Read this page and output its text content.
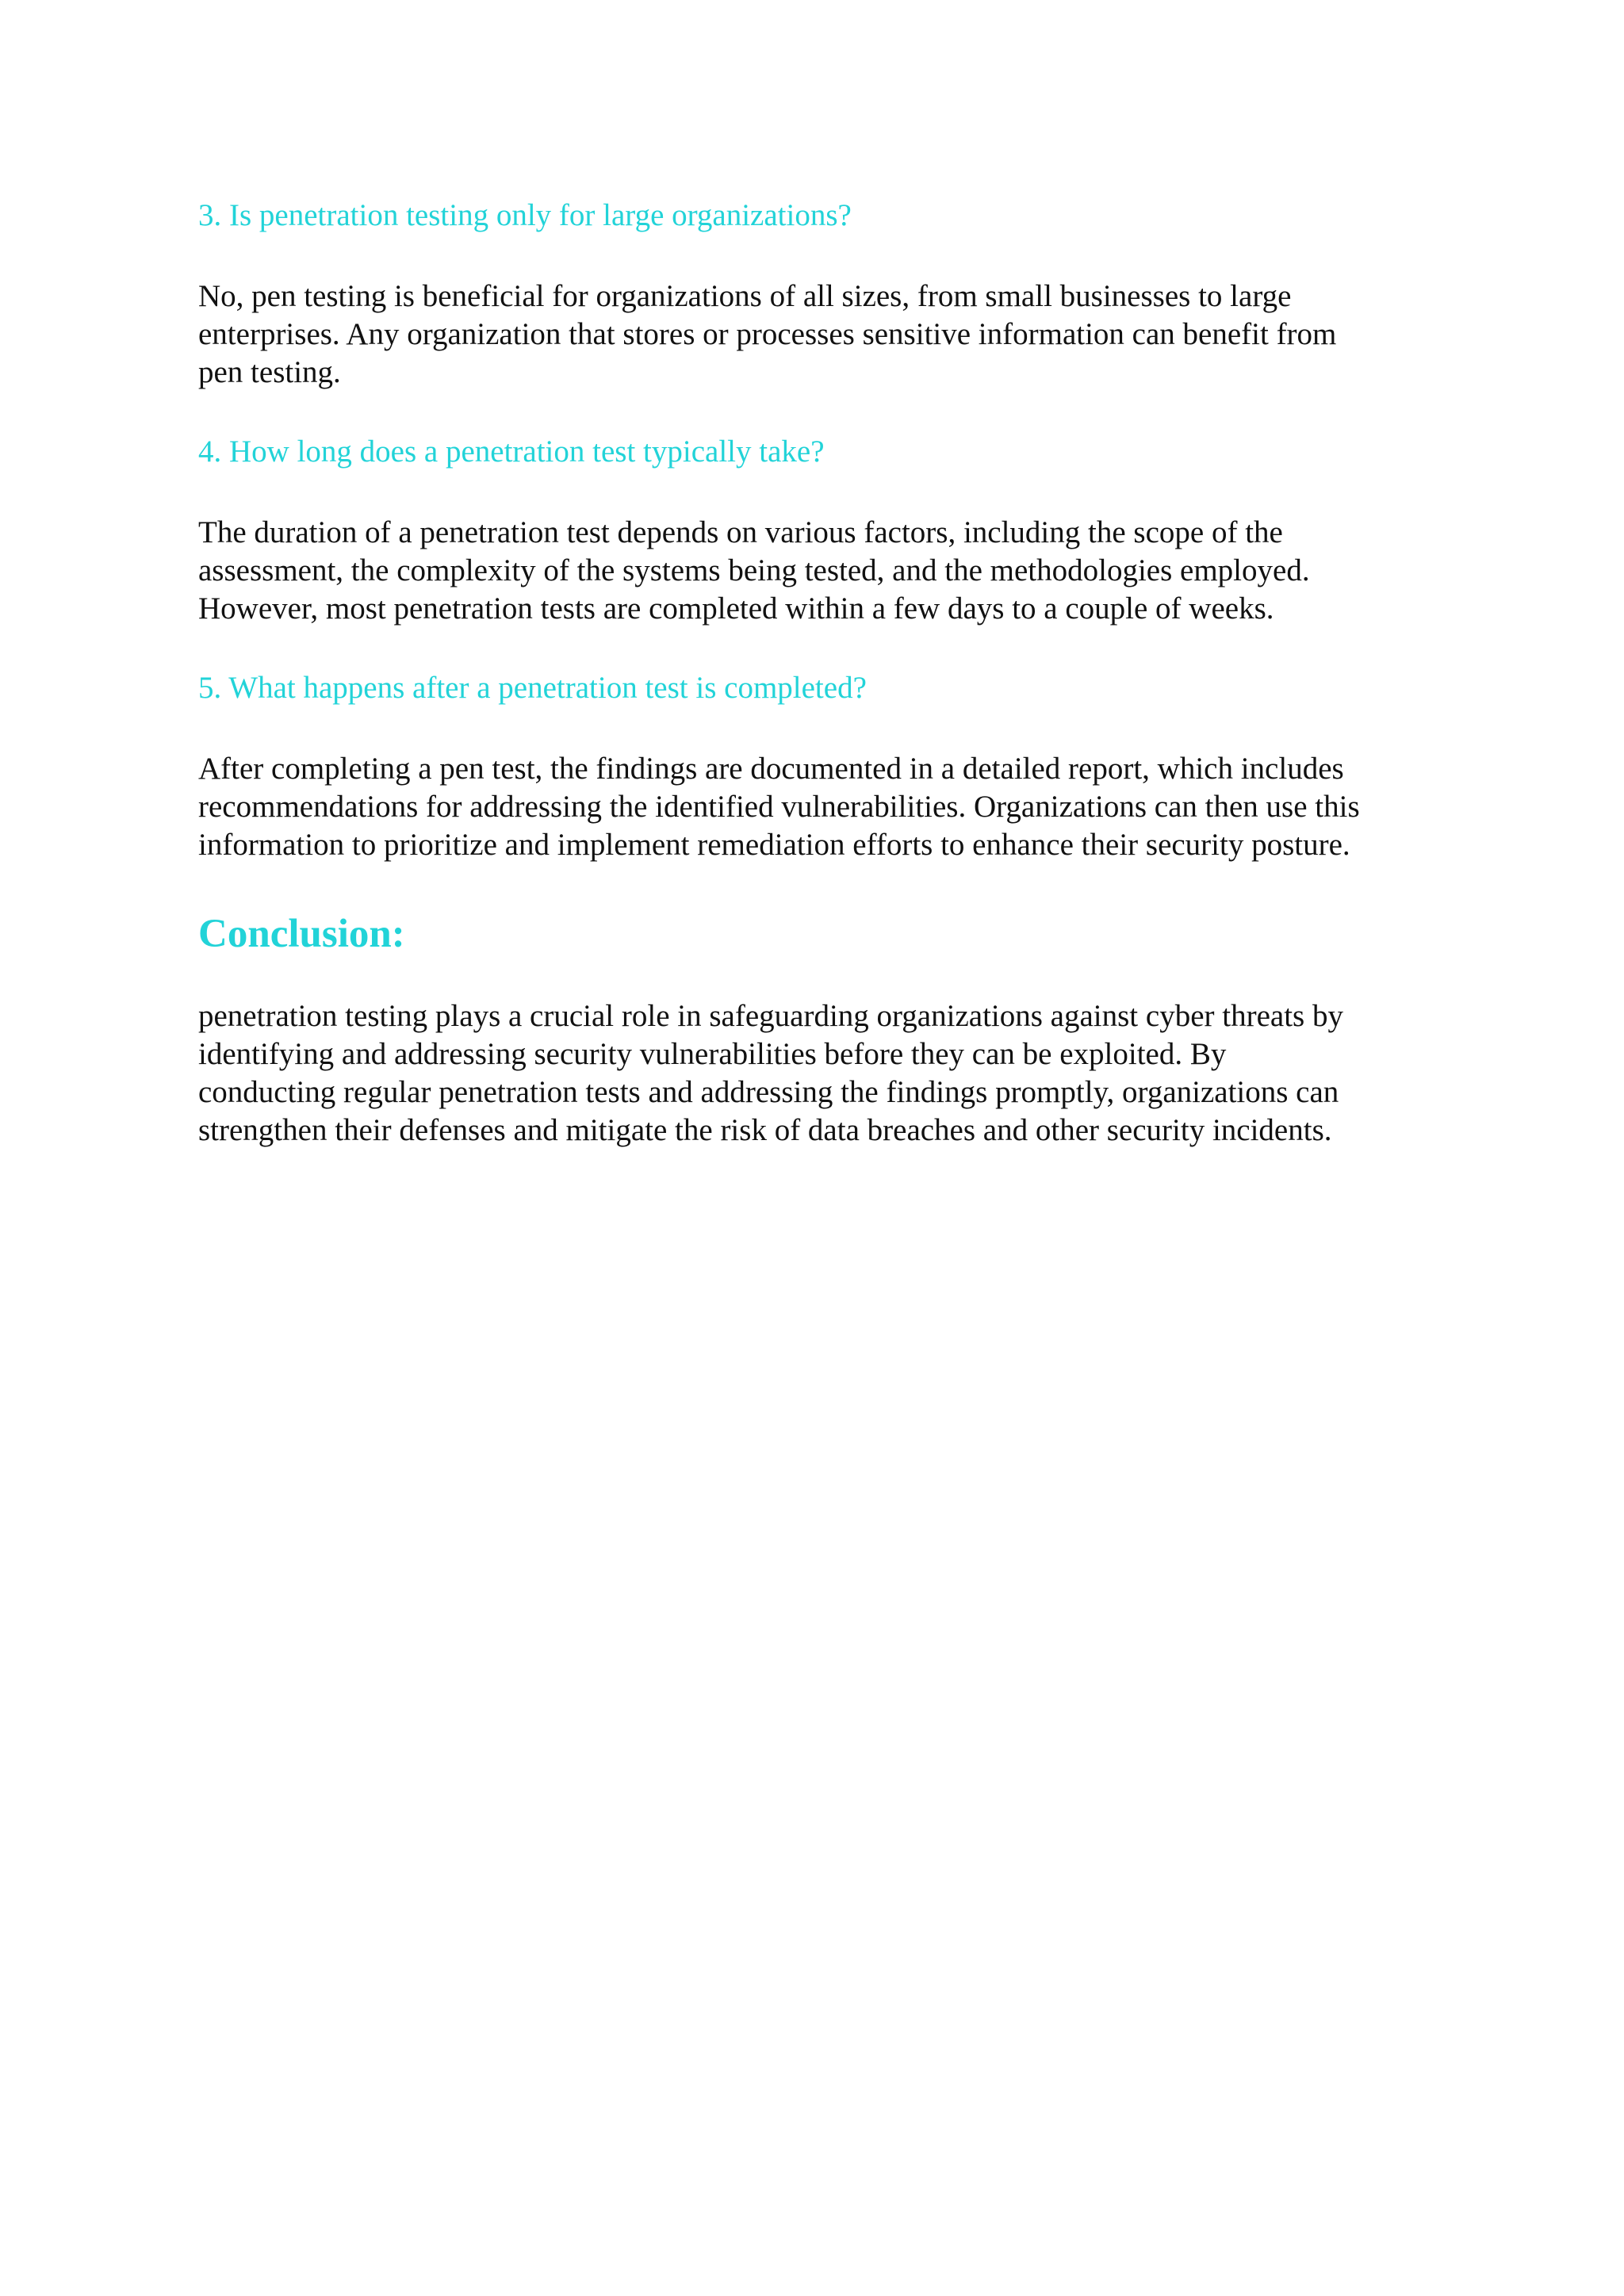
3. Is penetration testing only for large organizations?

No, pen testing is beneficial for organizations of all sizes, from small businesses to large
enterprises. Any organization that stores or processes sensitive information can benefit from
pen testing.

4. How long does a penetration test typically take?

The duration of a penetration test depends on various factors, including the scope of the
assessment, the complexity of the systems being tested, and the methodologies employed.
However, most penetration tests are completed within a few days to a couple of weeks.

5. What happens after a penetration test is completed?

After completing a pen test, the findings are documented in a detailed report, which includes
recommendations for addressing the identified vulnerabilities. Organizations can then use this
information to prioritize and implement remediation efforts to enhance their security posture.

Conclusion:

penetration testing plays a crucial role in safeguarding organizations against cyber threats by
identifying and addressing security vulnerabilities before they can be exploited. By
conducting regular penetration tests and addressing the findings promptly, organizations can
strengthen their defenses and mitigate the risk of data breaches and other security incidents.
